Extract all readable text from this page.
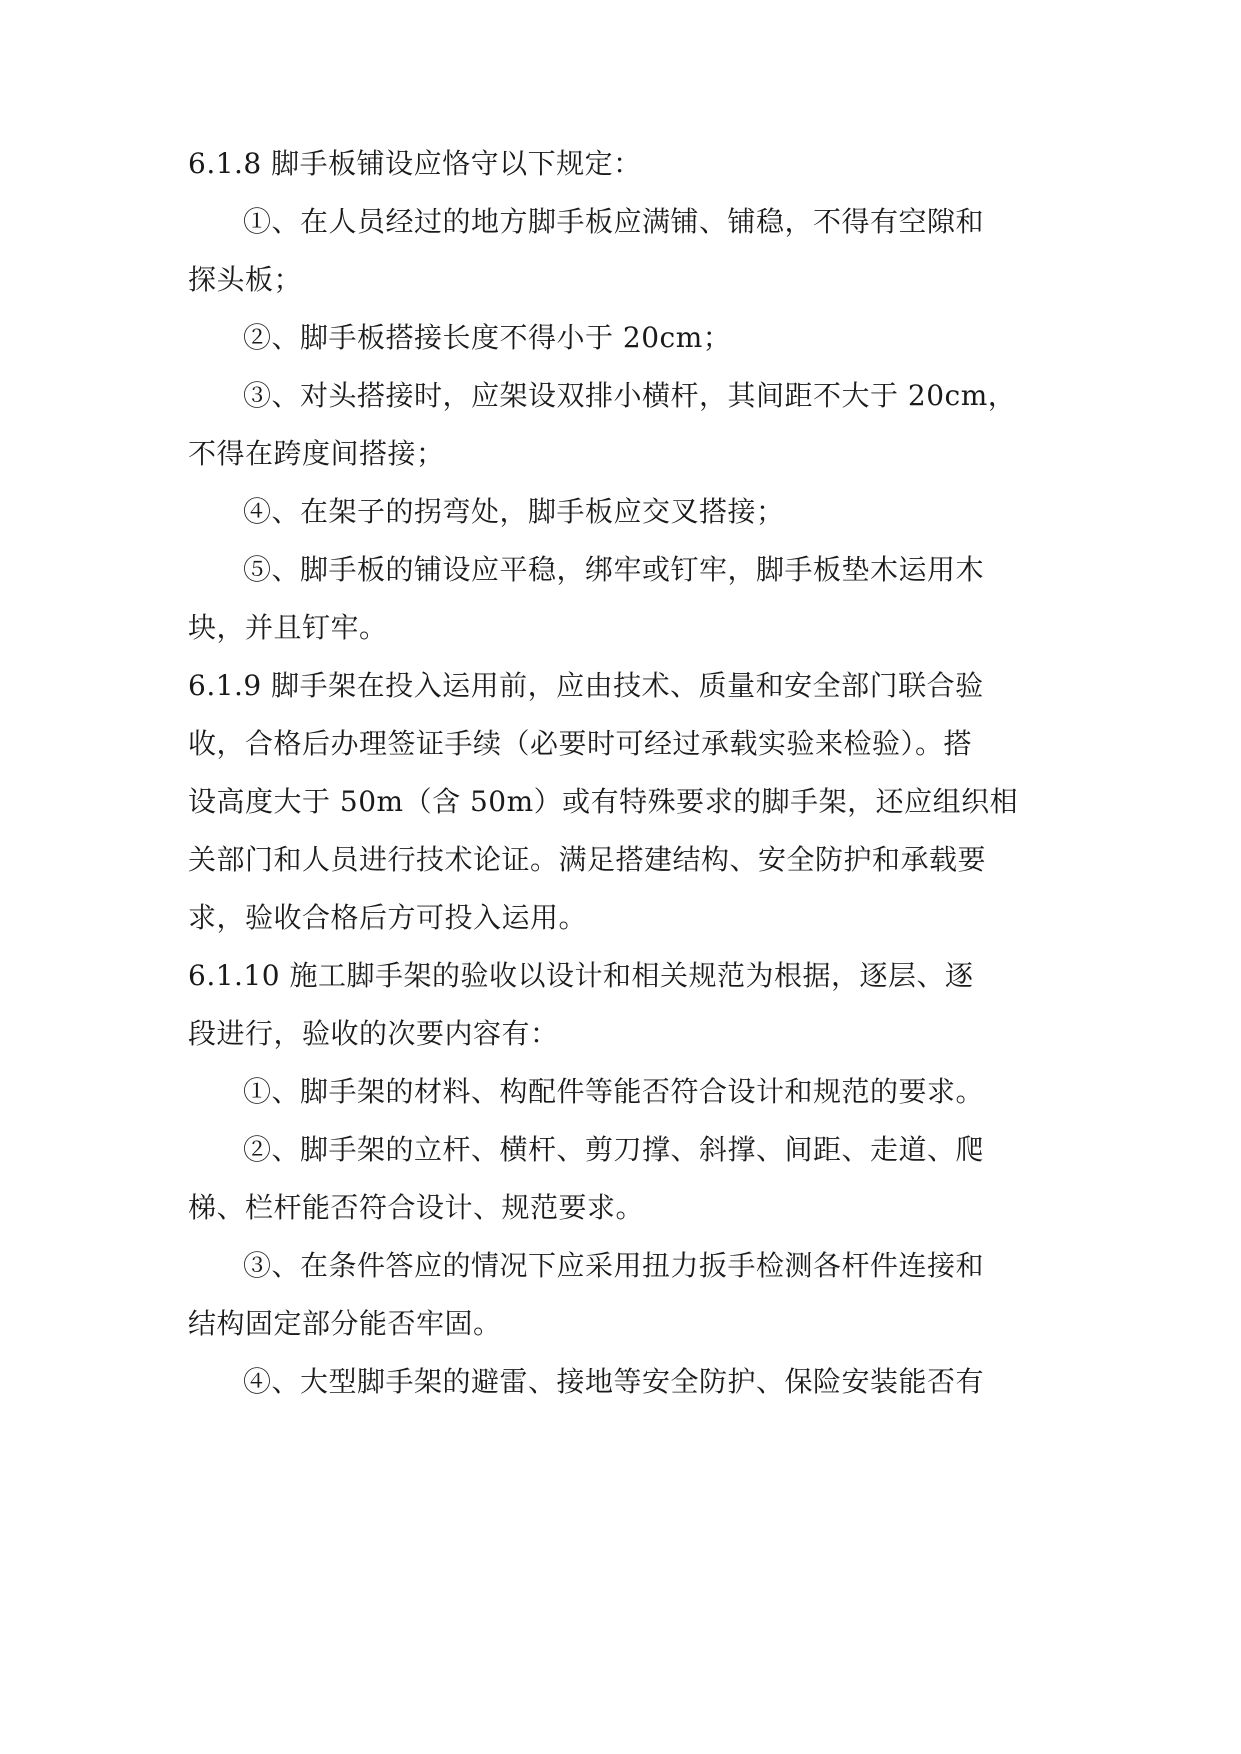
6.1.8 脚手板铺设应恪守以下规定：
①、在人员经过的地方脚手板应满铺、铺稳，不得有空隙和
探头板；
②、脚手板搭接长度不得小于 20cm；
③、对头搭接时，应架设双排小横杆，其间距不大于 20cm，
不得在跨度间搭接；
④、在架子的拐弯处，脚手板应交叉搭接；
⑤、脚手板的铺设应平稳，绑牢或钉牢，脚手板垫木运用木
块，并且钉牢。
6.1.9 脚手架在投入运用前，应由技术、质量和安全部门联合验
收，合格后办理签证手续（必要时可经过承载实验来检验）。搭
设高度大于 50m（含 50m）或有特殊要求的脚手架，还应组织相
关部门和人员进行技术论证。满足搭建结构、安全防护和承载要
求，验收合格后方可投入运用。
6.1.10 施工脚手架的验收以设计和相关规范为根据，逐层、逐
段进行，验收的次要内容有：
①、脚手架的材料、构配件等能否符合设计和规范的要求。
②、脚手架的立杆、横杆、剪刀撑、斜撑、间距、走道、爬
梯、栏杆能否符合设计、规范要求。
③、在条件答应的情况下应采用扭力扳手检测各杆件连接和
结构固定部分能否牢固。
④、大型脚手架的避雷、接地等安全防护、保险安装能否有
